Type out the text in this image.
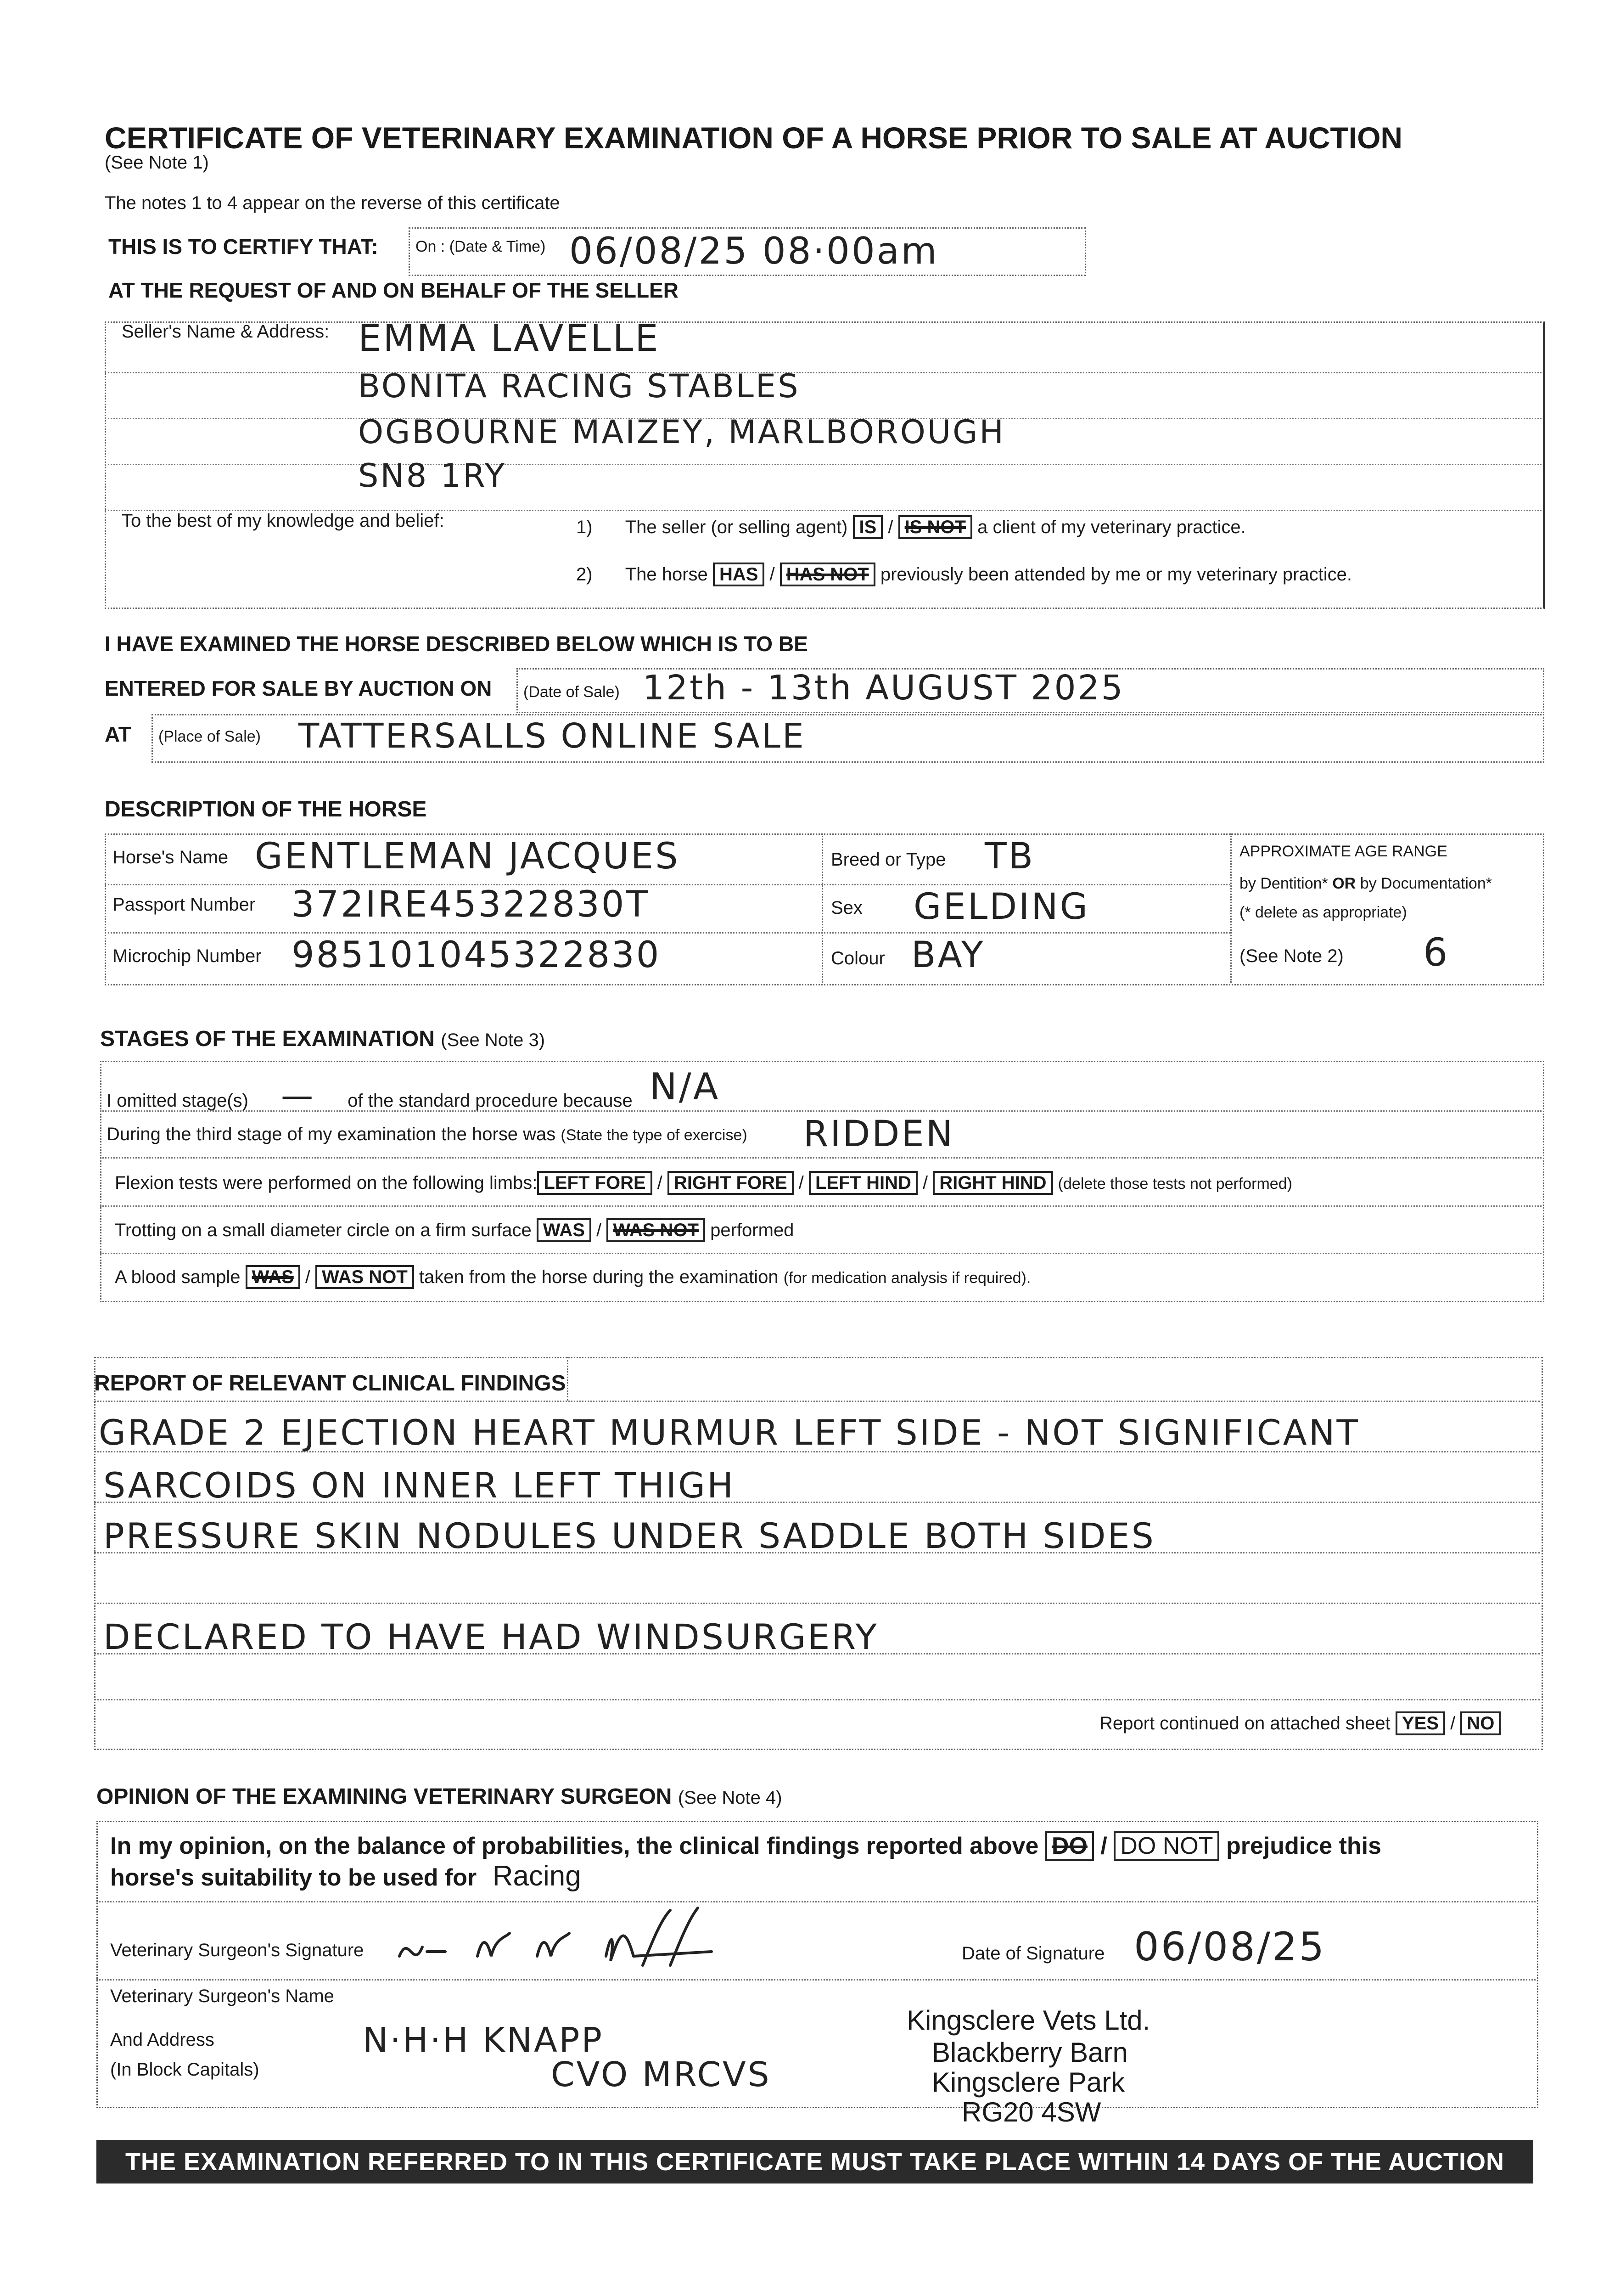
CERTIFICATE OF VETERINARY EXAMINATION OF A HORSE PRIOR TO SALE AT AUCTION
(See Note 1)
The notes 1 to 4 appear on the reverse of this certificate
THIS IS TO CERTIFY THAT: On : (Date & Time) 06/08/25 08·00am
AT THE REQUEST OF AND ON BEHALF OF THE SELLER
Seller's Name & Address: EMMA LAVELLE
BONITA RACING STABLES
OGBOURNE MAIZEY, MARLBOROUGH
SN8 1RY
To the best of my knowledge and belief:	1) The seller (or selling agent) IS / IS NOT a client of my veterinary practice.
2) The horse HAS / HAS NOT previously been attended by me or my veterinary practice.
I HAVE EXAMINED THE HORSE DESCRIBED BELOW WHICH IS TO BE
ENTERED FOR SALE BY AUCTION ON (Date of Sale) 12th - 13th AUGUST 2025
AT (Place of Sale) TATTERSALLS ONLINE SALE
DESCRIPTION OF THE HORSE
Horse's Name GENTLEMAN JACQUES
Passport Number 372IRE45322830T
Microchip Number 985101045322830
Breed or Type TB
Sex GELDING
Colour BAY
APPROXIMATE AGE RANGE
by Dentition* OR by Documentation*
(* delete as appropriate)
(See Note 2) 6
STAGES OF THE EXAMINATION (See Note 3)
I omitted stage(s) — of the standard procedure because N/A
During the third stage of my examination the horse was (State the type of exercise) RIDDEN
Flexion tests were performed on the following limbs: LEFT FORE / RIGHT FORE / LEFT HIND / RIGHT HIND (delete those tests not performed)
Trotting on a small diameter circle on a firm surface WAS / WAS NOT performed
A blood sample WAS / WAS NOT taken from the horse during the examination (for medication analysis if required).
REPORT OF RELEVANT CLINICAL FINDINGS
GRADE 2 EJECTION HEART MURMUR LEFT SIDE - NOT SIGNIFICANT
SARCOIDS ON INNER LEFT THIGH
PRESSURE SKIN NODULES UNDER SADDLE BOTH SIDES
DECLARED TO HAVE HAD WINDSURGERY
Report continued on attached sheet YES / NO
OPINION OF THE EXAMINING VETERINARY SURGEON (See Note 4)
In my opinion, on the balance of probabilities, the clinical findings reported above DO / DO NOT prejudice this
horse's suitability to be used for Racing
Veterinary Surgeon's Signature	Date of Signature 06/08/25
Veterinary Surgeon's Name
And Address
(In Block Capitals)
N·H·H KNAPP
CVO MRCVS
Kingsclere Vets Ltd.
Blackberry Barn
Kingsclere Park
RG20 4SW
THE EXAMINATION REFERRED TO IN THIS CERTIFICATE MUST TAKE PLACE WITHIN 14 DAYS OF THE AUCTION
